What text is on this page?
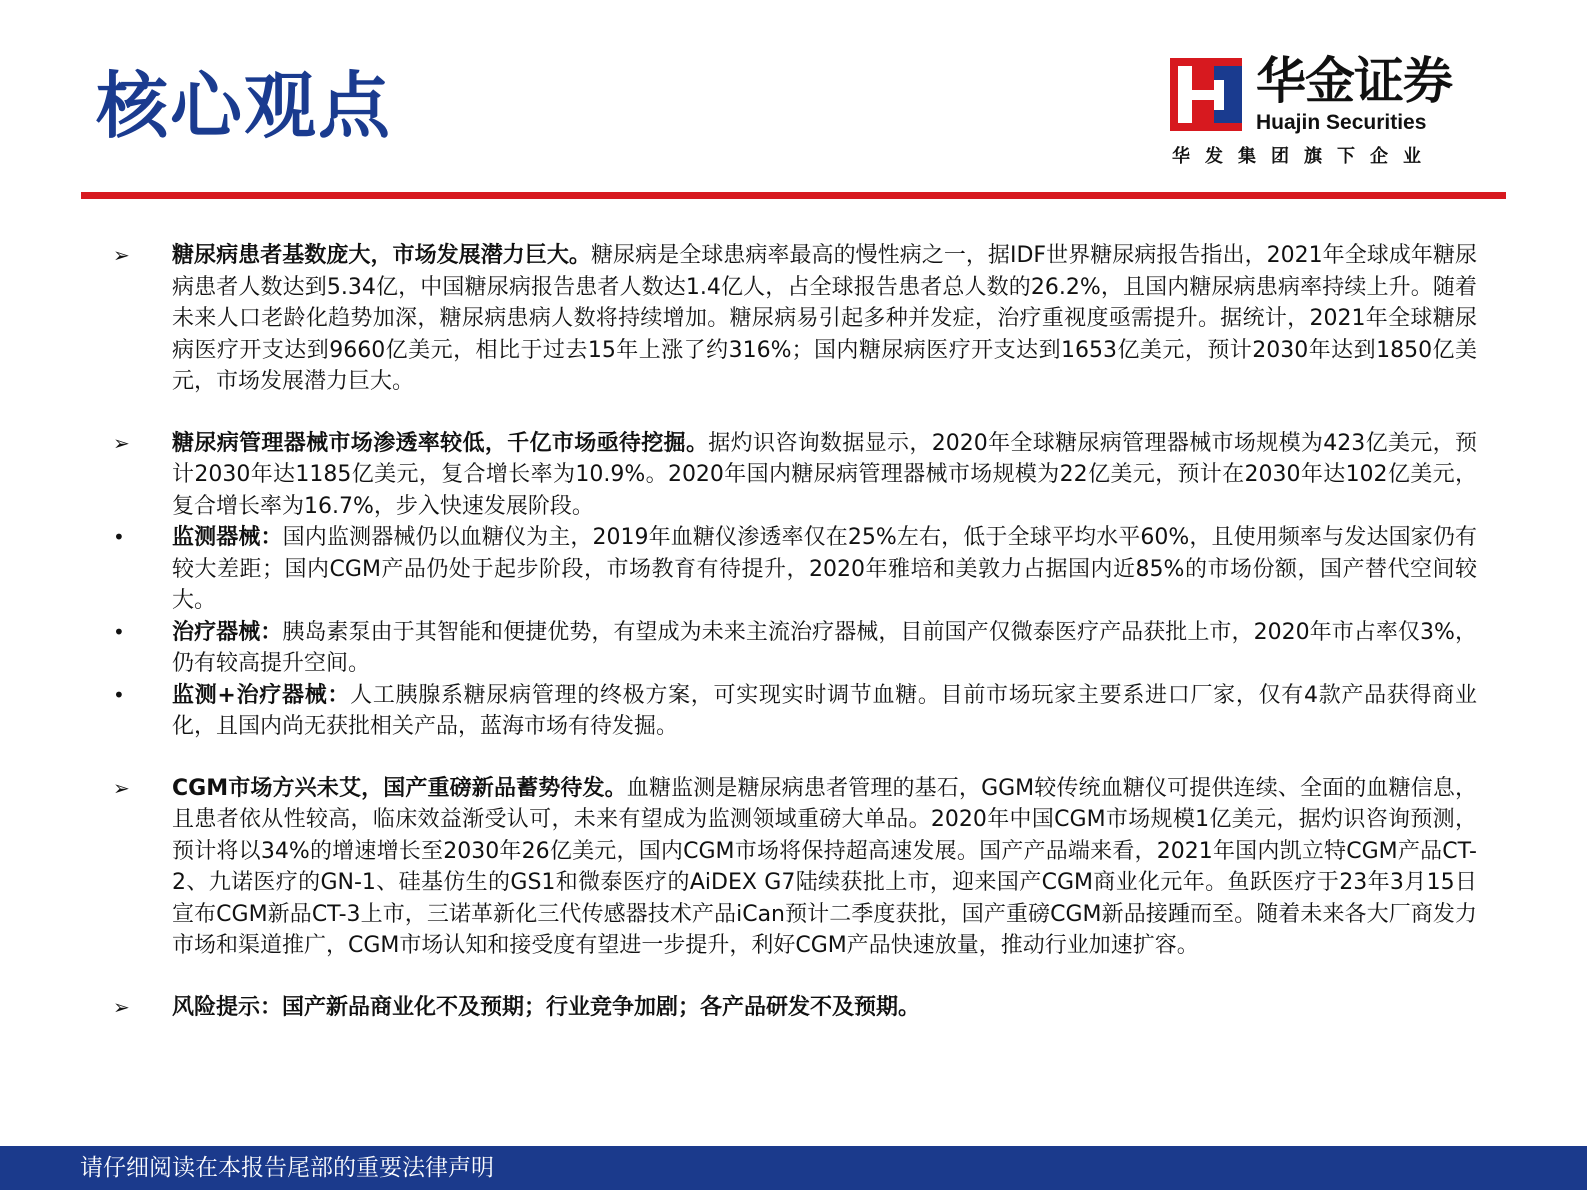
核心观点	华金证券
Huajin Securities
华发集团旗下企业
➢	糖尿病患者基数庞大，市场发展潜力巨大。糖尿病是全球患病率最高的慢性病之一，据IDF世界糖尿病报告指出，2021年全球成年糖尿病患者人数达到5.34亿，中国糖尿病报告患者人数达1.4亿人，占全球报告患者总人数的26.2%，且国内糖尿病患病率持续上升。随着未来人口老龄化趋势加深，糖尿病患病人数将持续增加。糖尿病易引起多种并发症，治疗重视度亟需提升。据统计，2021年全球糖尿病医疗开支达到9660亿美元，相比于过去15年上涨了约316%；国内糖尿病医疗开支达到1653亿美元，预计2030年达到1850亿美元，市场发展潜力巨大。
➢	糖尿病管理器械市场渗透率较低，千亿市场亟待挖掘。据灼识咨询数据显示，2020年全球糖尿病管理器械市场规模为423亿美元，预计2030年达1185亿美元，复合增长率为10.9%。2020年国内糖尿病管理器械市场规模为22亿美元，预计在2030年达102亿美元，复合增长率为16.7%，步入快速发展阶段。
•	监测器械：国内监测器械仍以血糖仪为主，2019年血糖仪渗透率仅在25%左右，低于全球平均水平60%，且使用频率与发达国家仍有较大差距；国内CGM产品仍处于起步阶段，市场教育有待提升，2020年雅培和美敦力占据国内近85%的市场份额，国产替代空间较大。
•	治疗器械：胰岛素泵由于其智能和便捷优势，有望成为未来主流治疗器械，目前国产仅微泰医疗产品获批上市，2020年市占率仅3%，仍有较高提升空间。
•	监测+治疗器械：人工胰腺系糖尿病管理的终极方案，可实现实时调节血糖。目前市场玩家主要系进口厂家，仅有4款产品获得商业化，且国内尚无获批相关产品，蓝海市场有待发掘。
➢	CGM市场方兴未艾，国产重磅新品蓄势待发。血糖监测是糖尿病患者管理的基石，GGM较传统血糖仪可提供连续、全面的血糖信息，且患者依从性较高，临床效益渐受认可，未来有望成为监测领域重磅大单品。2020年中国CGM市场规模1亿美元，据灼识咨询预测，预计将以34%的增速增长至2030年26亿美元，国内CGM市场将保持超高速发展。国产产品端来看，2021年国内凯立特CGM产品CT-2、九诺医疗的GN-1、硅基仿生的GS1和微泰医疗的AiDEX G7陆续获批上市，迎来国产CGM商业化元年。鱼跃医疗于23年3月15日宣布CGM新品CT-3上市，三诺革新化三代传感器技术产品iCan预计二季度获批，国产重磅CGM新品接踵而至。随着未来各大厂商发力市场和渠道推广，CGM市场认知和接受度有望进一步提升，利好CGM产品快速放量，推动行业加速扩容。
➢	风险提示：国产新品商业化不及预期；行业竞争加剧；各产品研发不及预期。
请仔细阅读在本报告尾部的重要法律声明
